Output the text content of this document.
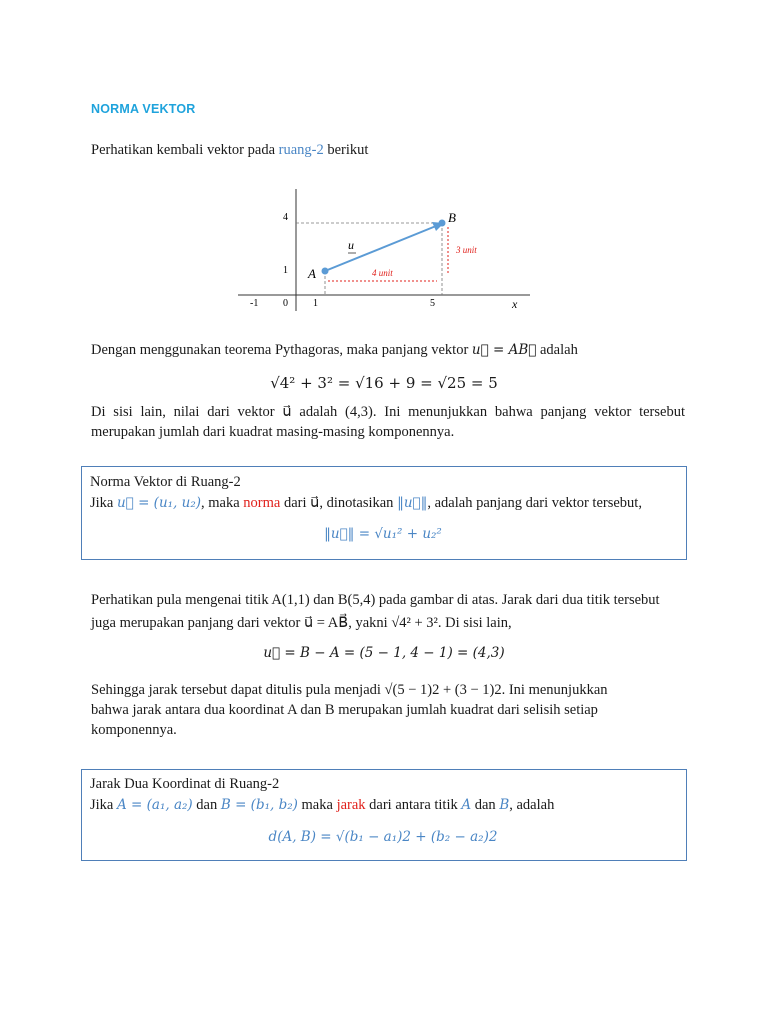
NORMA VEKTOR
Perhatikan kembali vektor pada ruang-2 berikut
4
1
-1 0	1	5	x
A
B
u
4 unit
3 unit
Dengan menggunakan teorema Pythagoras, maka panjang vektor u⃗ = AB⃗ adalah
√4² + 3² = √16 + 9 = √25 = 5
Di sisi lain, nilai dari vektor u⃗ adalah (4,3). Ini menunjukkan bahwa panjang vektor tersebut merupakan jumlah dari kuadrat masing-masing komponennya.
Norma Vektor di Ruang-2
Jika u⃗ = (u₁, u₂), maka norma dari u⃗, dinotasikan ‖u⃗‖, adalah panjang dari vektor tersebut,
‖u⃗‖ = √u₁² + u₂²
Perhatikan pula mengenai titik A(1,1) dan B(5,4) pada gambar di atas. Jarak dari dua titik tersebut
juga merupakan panjang dari vektor u⃗ = AB⃗, yakni √4² + 3². Di sisi lain,
u⃗ = B − A = (5 − 1, 4 − 1) = (4,3)
Sehingga jarak tersebut dapat ditulis pula menjadi √(5 − 1)2 + (3 − 1)2. Ini menunjukkan
bahwa jarak antara dua koordinat A dan B merupakan jumlah kuadrat dari selisih setiap
komponennya.
Jarak Dua Koordinat di Ruang-2
Jika A = (a₁, a₂) dan B = (b₁, b₂) maka jarak dari antara titik A dan B, adalah
d(A, B) = √(b₁ − a₁)2 + (b₂ − a₂)2
